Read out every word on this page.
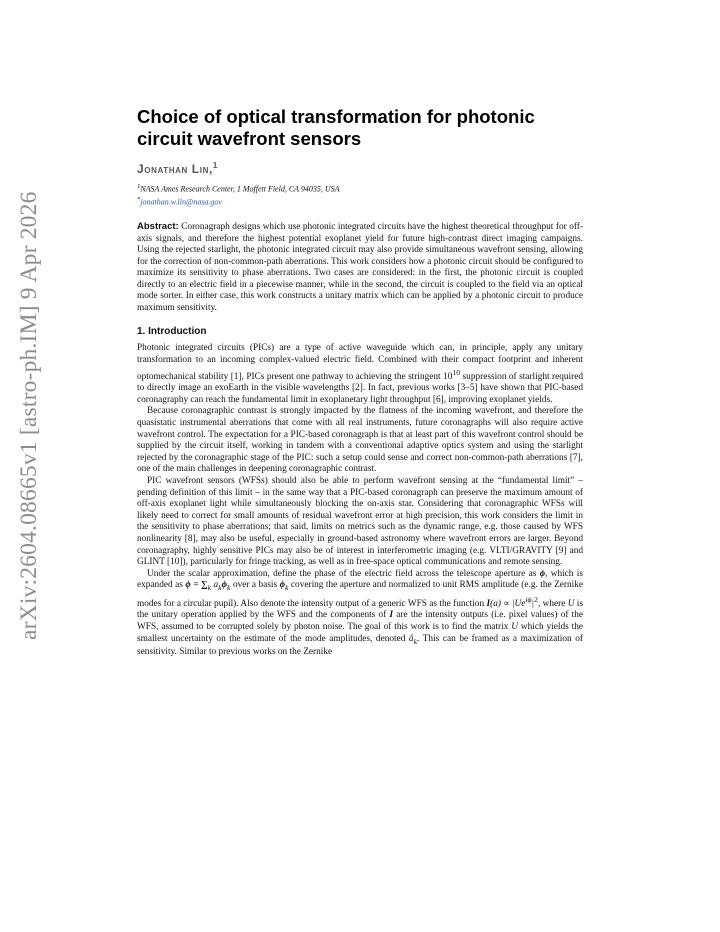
arXiv:2604.08665v1 [astro-ph.IM] 9 Apr 2026
Choice of optical transformation for photonic circuit wavefront sensors
Jonathan Lin,$^1$
$^1$NASA Ames Research Center, 1 Moffett Field, CA 94035, USA
*jonathan.w.lin@nasa.gov
Abstract: Coronagraph designs which use photonic integrated circuits have the highest theoretical throughput for off-axis signals, and therefore the highest potential exoplanet yield for future high-contrast direct imaging campaigns. Using the rejected starlight, the photonic integrated circuit may also provide simultaneous wavefront sensing, allowing for the correction of non-common-path aberrations. This work considers how a photonic circuit should be configured to maximize its sensitivity to phase aberrations. Two cases are considered: in the first, the photonic circuit is coupled directly to an electric field in a piecewise manner, while in the second, the circuit is coupled to the field via an optical mode sorter. In either case, this work constructs a unitary matrix which can be applied by a photonic circuit to produce maximum sensitivity.
1. Introduction

Photonic integrated circuits (PICs) are a type of active waveguide which can, in principle, apply any unitary transformation to an incoming complex-valued electric field. Combined with their compact footprint and inherent optomechanical stability [1], PICs present one pathway to achieving the stringent $10^{10}$ suppression of starlight required to directly image an exoEarth in the visible wavelengths [2]. In fact, previous works [3–5] have shown that PIC-based coronagraphy can reach the fundamental limit in exoplanetary light throughput [6], improving exoplanet yields.

Because coronagraphic contrast is strongly impacted by the flatness of the incoming wavefront, and therefore the quasistatic instrumental aberrations that come with all real instruments, future coronagraphs will also require active wavefront control. The expectation for a PIC-based coronagraph is that at least part of this wavefront control should be supplied by the circuit itself, working in tandem with a conventional adaptive optics system and using the starlight rejected by the coronagraphic stage of the PIC: such a setup could sense and correct non-common-path aberrations [7], one of the main challenges in deepening coronagraphic contrast.

PIC wavefront sensors (WFSs) should also be able to perform wavefront sensing at the “fundamental limit” – pending definition of this limit – in the same way that a PIC-based coronagraph can preserve the maximum amount of off-axis exoplanet light while simultaneously blocking the on-axis star. Considering that coronagraphic WFSs will likely need to correct for small amounts of residual wavefront error at high precision, this work considers the limit in the sensitivity to phase aberrations; that said, limits on metrics such as the dynamic range, e.g. those caused by WFS nonlinearity [8], may also be useful, especially in ground-based astronomy where wavefront errors are larger. Beyond coronagraphy, highly sensitive PICs may also be of interest in interferometric imaging (e.g. VLTI/GRAVITY [9] and GLINT [10]), particularly for fringe tracking, as well as in free-space optical communications and remote sensing.

Under the scalar approximation, define the phase of the electric field across the telescope aperture as ϕ, which is expanded as $\phi = \sum_k$ $a_k\phi_k$ over a basis $\phi_k$ covering the aperture and normalized to unit RMS amplitude (e.g. the Zernike modes for a circular pupil). Also denote the intensity output of a generic WFS as the function $I(a) \propto |Ue^{i\phi}|^2$, where U is the unitary operation applied by the WFS and the components of I are the intensity outputs (i.e. pixel values) of the WFS, assumed to be corrupted solely by photon noise. The goal of this work is to find the matrix U which yields the smallest uncertainty on the estimate of the mode amplitudes, denoted $â_k$. This can be framed as a maximization of sensitivity. Similar to previous works on the Zernike
